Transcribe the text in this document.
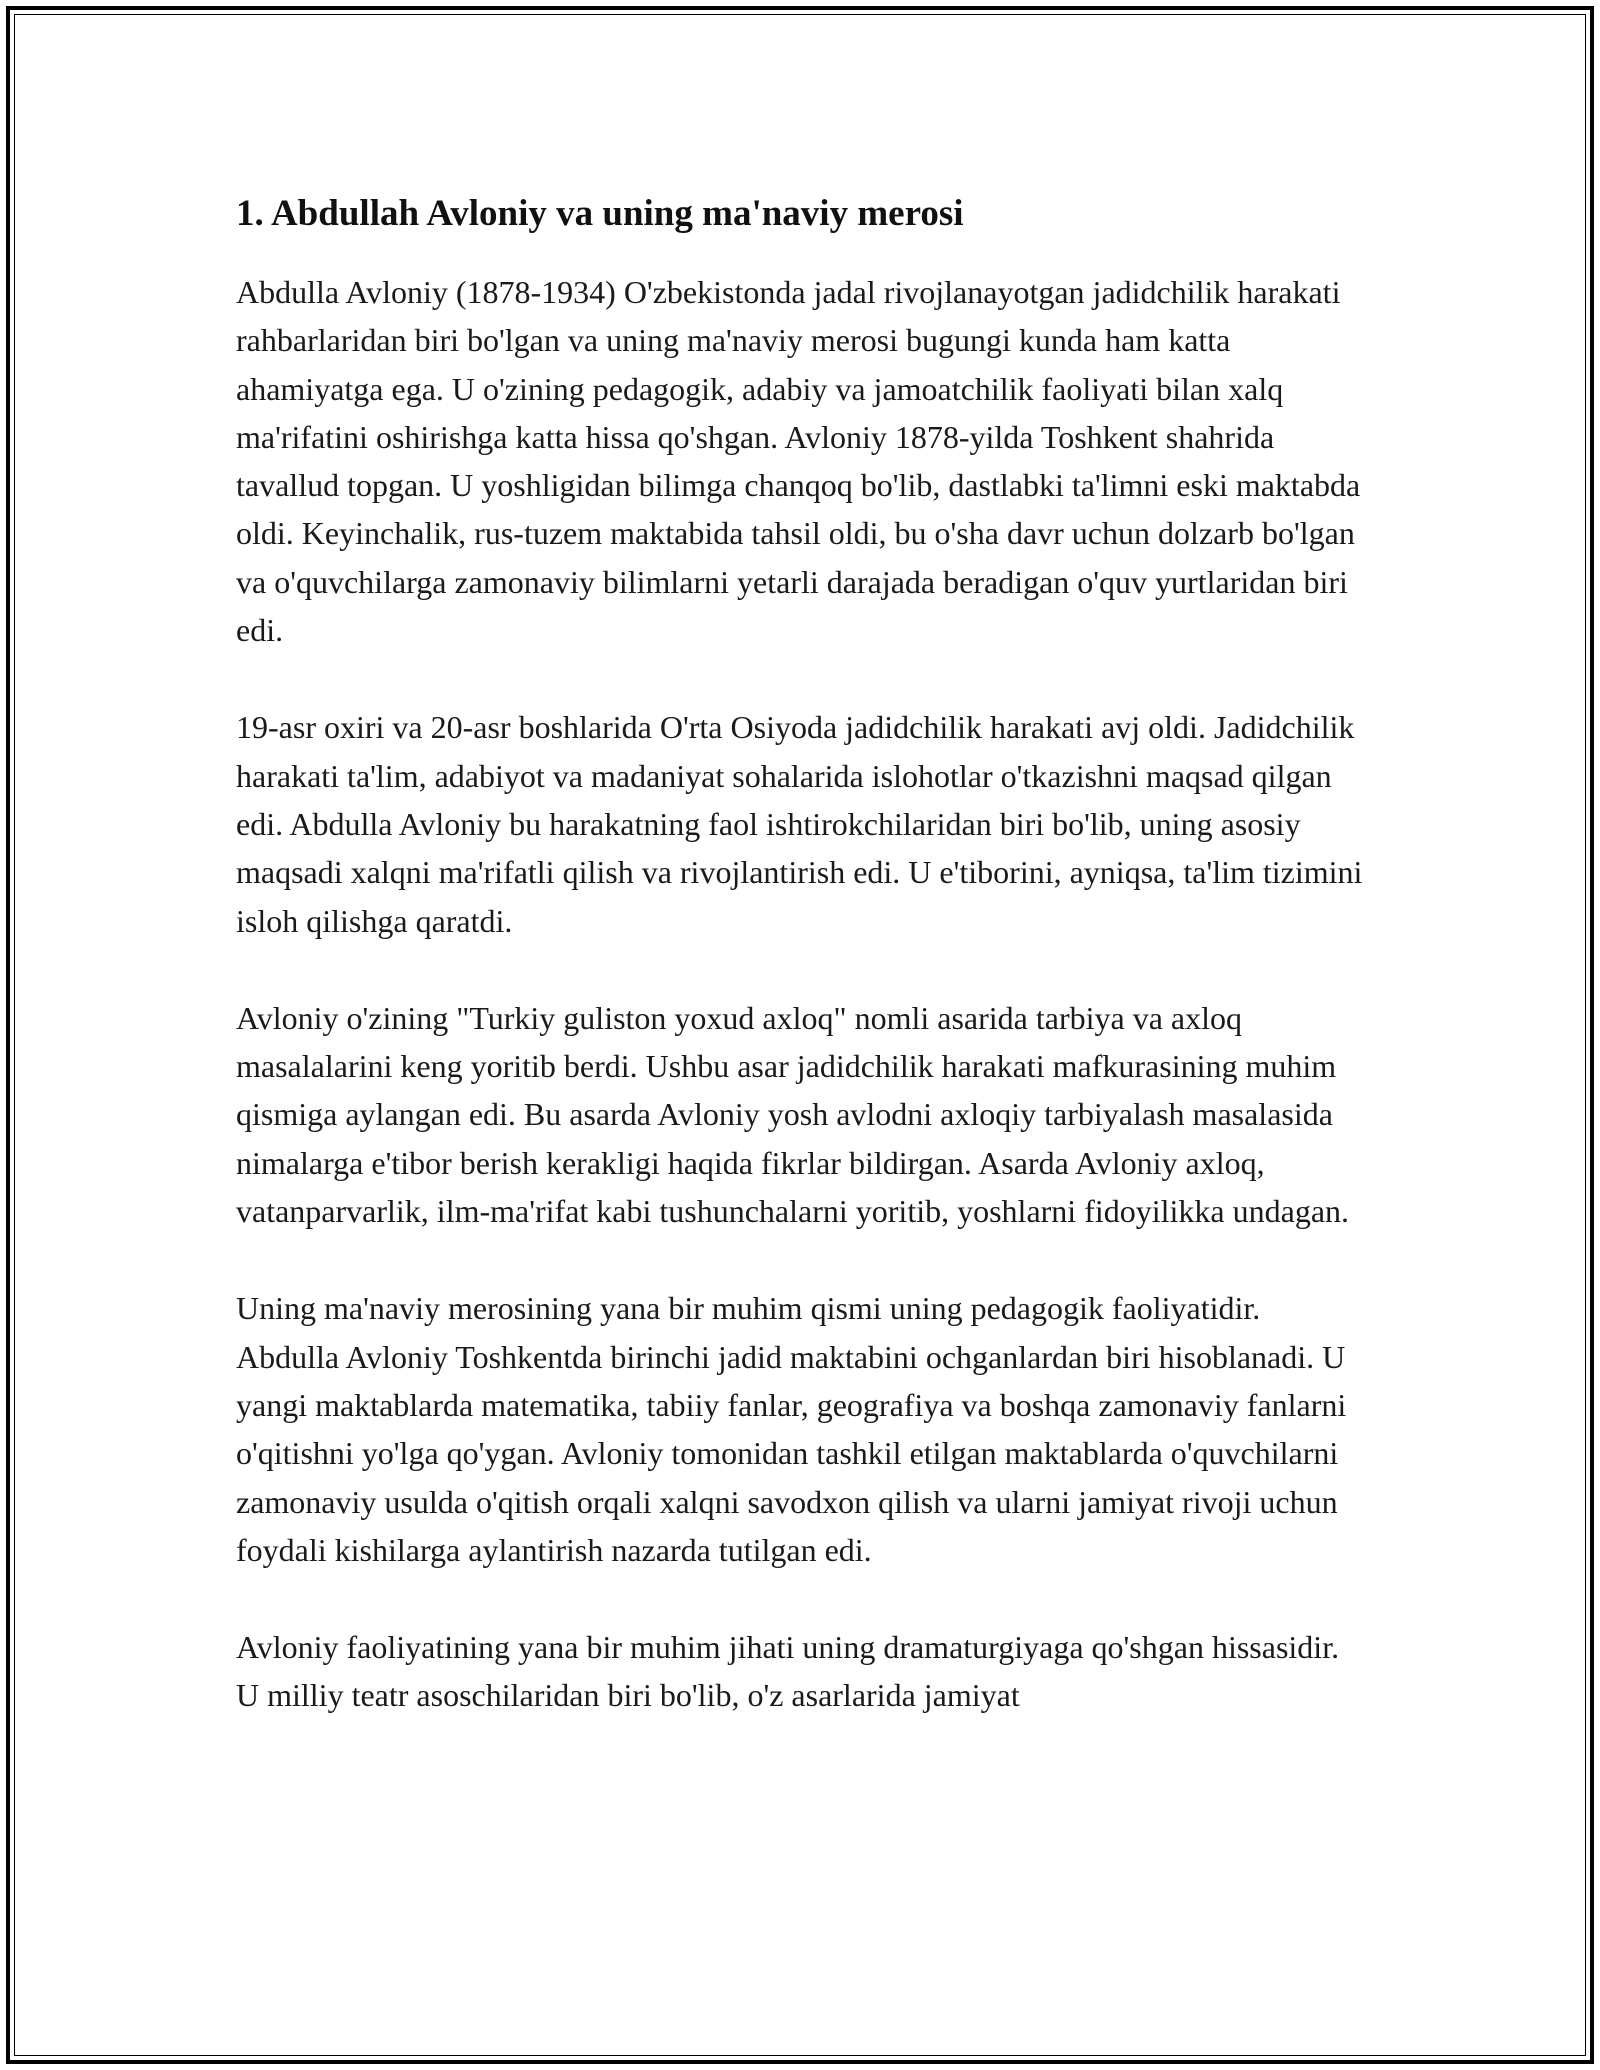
1. Abdullah Avloniy va uning ma'naviy merosi

Abdulla Avloniy (1878-1934) O'zbekistonda jadal rivojlanayotgan jadidchilik harakati rahbarlaridan biri bo'lgan va uning ma'naviy merosi bugungi kunda ham katta ahamiyatga ega. U o'zining pedagogik, adabiy va jamoatchilik faoliyati bilan xalq ma'rifatini oshirishga katta hissa qo'shgan. Avloniy 1878-yilda Toshkent shahrida tavallud topgan. U yoshligidan bilimga chanqoq bo'lib, dastlabki ta'limni eski maktabda oldi. Keyinchalik, rus-tuzem maktabida tahsil oldi, bu o'sha davr uchun dolzarb bo'lgan va o'quvchilarga zamonaviy bilimlarni yetarli darajada beradigan o'quv yurtlaridan biri edi.

19-asr oxiri va 20-asr boshlarida O'rta Osiyoda jadidchilik harakati avj oldi. Jadidchilik harakati ta'lim, adabiyot va madaniyat sohalarida islohotlar o'tkazishni maqsad qilgan edi. Abdulla Avloniy bu harakatning faol ishtirokchilaridan biri bo'lib, uning asosiy maqsadi xalqni ma'rifatli qilish va rivojlantirish edi. U e'tiborini, ayniqsa, ta'lim tizimini isloh qilishga qaratdi.

Avloniy o'zining "Turkiy guliston yoxud axloq" nomli asarida tarbiya va axloq masalalarini keng yoritib berdi. Ushbu asar jadidchilik harakati mafkurasining muhim qismiga aylangan edi. Bu asarda Avloniy yosh avlodni axloqiy tarbiyalash masalasida nimalarga e'tibor berish kerakligi haqida fikrlar bildirgan. Asarda Avloniy axloq, vatanparvarlik, ilm-ma'rifat kabi tushunchalarni yoritib, yoshlarni fidoyilikka undagan.

Uning ma'naviy merosining yana bir muhim qismi uning pedagogik faoliyatidir. Abdulla Avloniy Toshkentda birinchi jadid maktabini ochganlardan biri hisoblanadi. U yangi maktablarda matematika, tabiiy fanlar, geografiya va boshqa zamonaviy fanlarni o'qitishni yo'lga qo'ygan. Avloniy tomonidan tashkil etilgan maktablarda o'quvchilarni zamonaviy usulda o'qitish orqali xalqni savodxon qilish va ularni jamiyat rivoji uchun foydali kishilarga aylantirish nazarda tutilgan edi.

Avloniy faoliyatining yana bir muhim jihati uning dramaturgiyaga qo'shgan hissasidir. U milliy teatr asoschilaridan biri bo'lib, o'z asarlarida jamiyat
